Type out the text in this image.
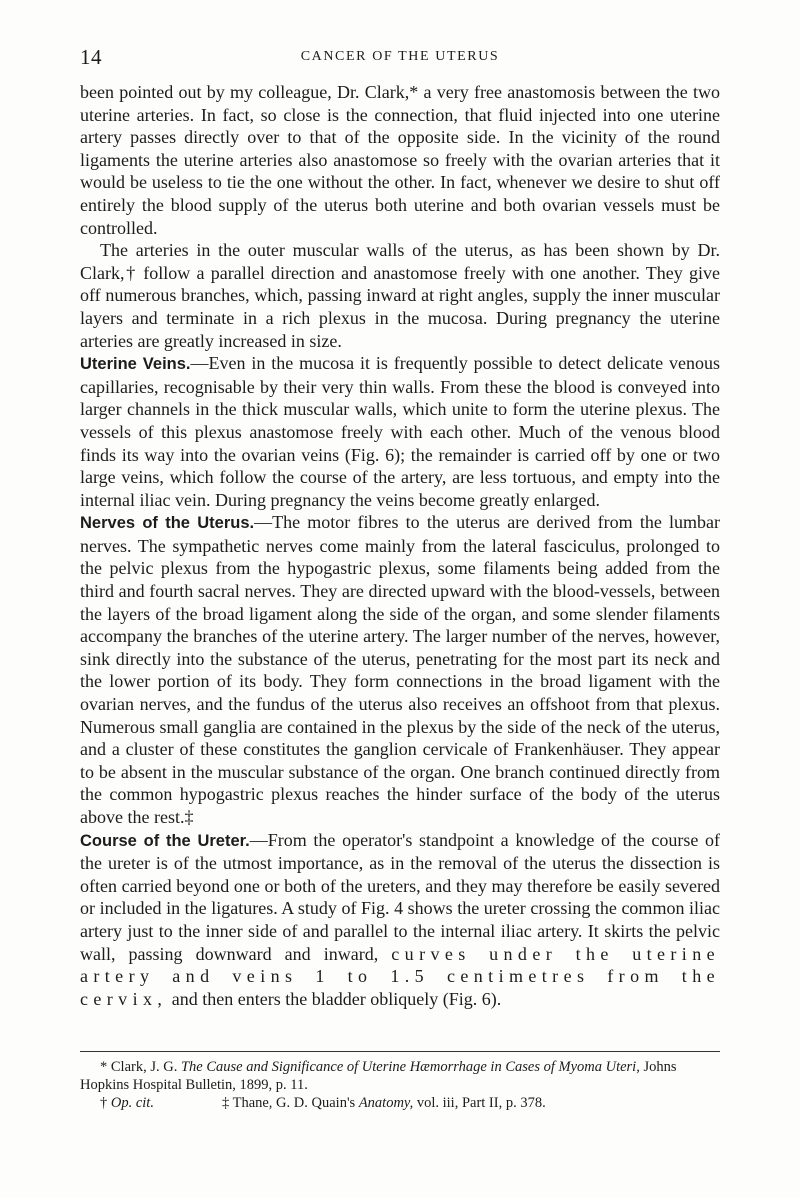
14	CANCER OF THE UTERUS

been pointed out by my colleague, Dr. Clark,* a very free anastomosis between the two uterine arteries. In fact, so close is the connection, that fluid injected into one uterine artery passes directly over to that of the opposite side. In the vicinity of the round ligaments the uterine arteries also anastomose so freely with the ovarian arteries that it would be useless to tie the one without the other. In fact, whenever we desire to shut off entirely the blood supply of the uterus both uterine and both ovarian vessels must be controlled.

The arteries in the outer muscular walls of the uterus, as has been shown by Dr. Clark,† follow a parallel direction and anastomose freely with one another. They give off numerous branches, which, passing inward at right angles, supply the inner muscular layers and terminate in a rich plexus in the mucosa. During pregnancy the uterine arteries are greatly increased in size.

Uterine Veins.—Even in the mucosa it is frequently possible to detect delicate venous capillaries, recognisable by their very thin walls. From these the blood is conveyed into larger channels in the thick muscular walls, which unite to form the uterine plexus. The vessels of this plexus anastomose freely with each other. Much of the venous blood finds its way into the ovarian veins (Fig. 6); the remainder is carried off by one or two large veins, which follow the course of the artery, are less tortuous, and empty into the internal iliac vein. During pregnancy the veins become greatly enlarged.

Nerves of the Uterus.—The motor fibres to the uterus are derived from the lumbar nerves. The sympathetic nerves come mainly from the lateral fasciculus, prolonged to the pelvic plexus from the hypogastric plexus, some filaments being added from the third and fourth sacral nerves. They are directed upward with the blood-vessels, between the layers of the broad ligament along the side of the organ, and some slender filaments accompany the branches of the uterine artery. The larger number of the nerves, however, sink directly into the substance of the uterus, penetrating for the most part its neck and the lower portion of its body. They form connections in the broad ligament with the ovarian nerves, and the fundus of the uterus also receives an offshoot from that plexus. Numerous small ganglia are contained in the plexus by the side of the neck of the uterus, and a cluster of these constitutes the ganglion cervicale of Frankenhäuser. They appear to be absent in the muscular substance of the organ. One branch continued directly from the common hypogastric plexus reaches the hinder surface of the body of the uterus above the rest.‡

Course of the Ureter.—From the operator's standpoint a knowledge of the course of the ureter is of the utmost importance, as in the removal of the uterus the dissection is often carried beyond one or both of the ureters, and they may therefore be easily severed or included in the ligatures. A study of Fig. 4 shows the ureter crossing the common iliac artery just to the inner side of and parallel to the internal iliac artery. It skirts the pelvic wall, passing downward and inward, curves under the uterine artery and veins 1 to 1.5 centimetres from the cervix, and then enters the bladder obliquely (Fig. 6).

* Clark, J. G. The Cause and Significance of Uterine Hæmorrhage in Cases of Myoma Uteri, Johns Hopkins Hospital Bulletin, 1899, p. 11.

† Op. cit.	‡ Thane, G. D. Quain's Anatomy, vol. iii, Part II, p. 378.
